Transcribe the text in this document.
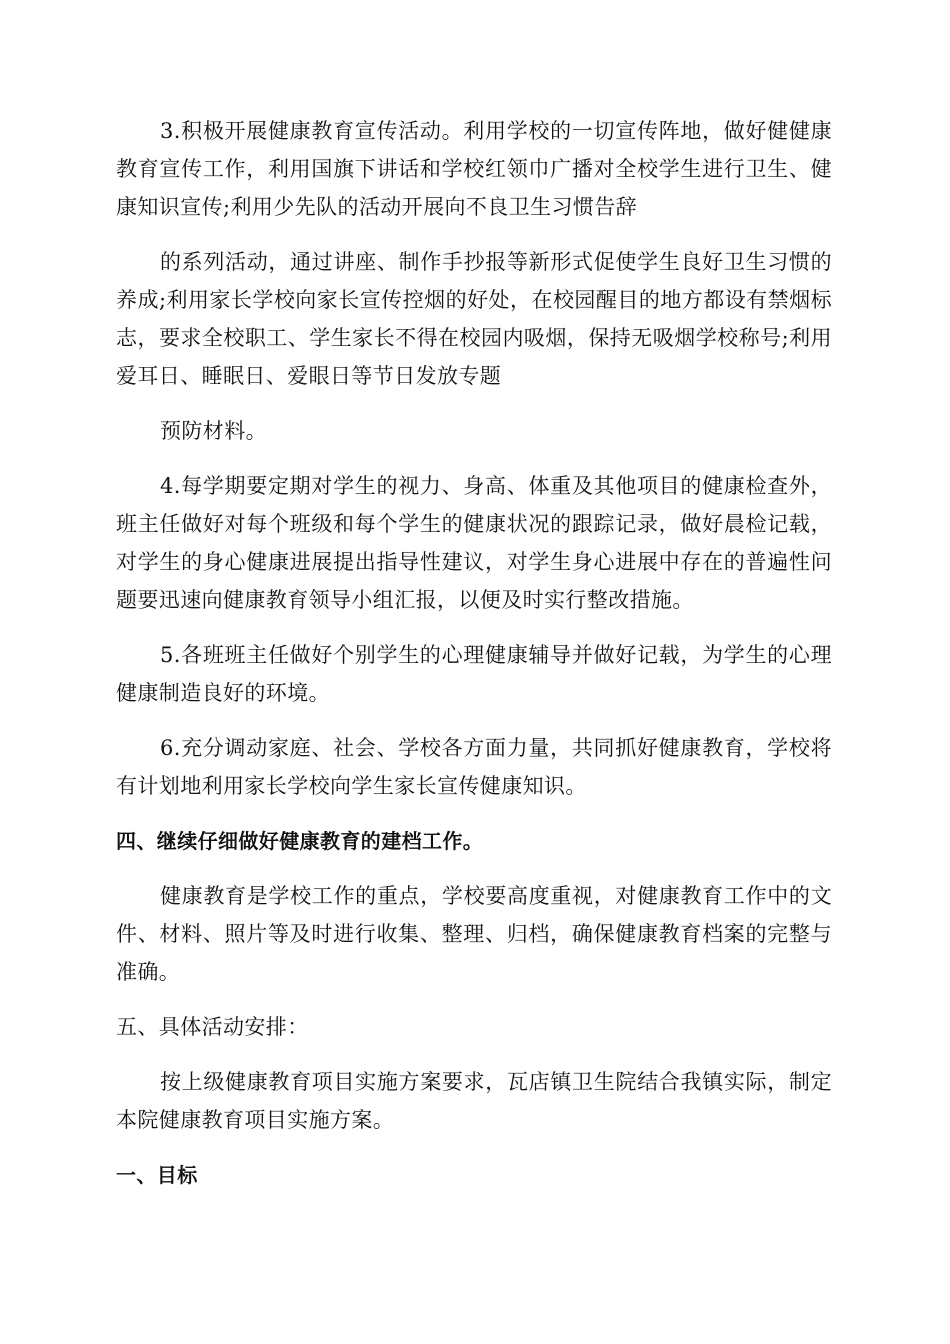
3.积极开展健康教育宣传活动。利用学校的一切宣传阵地，做好健健康教育宣传工作，利用国旗下讲话和学校红领巾广播对全校学生进行卫生、健康知识宣传;利用少先队的活动开展向不良卫生习惯告辞

的系列活动，通过讲座、制作手抄报等新形式促使学生良好卫生习惯的养成;利用家长学校向家长宣传控烟的好处，在校园醒目的地方都设有禁烟标志，要求全校职工、学生家长不得在校园内吸烟，保持无吸烟学校称号;利用爱耳日、睡眠日、爱眼日等节日发放专题

预防材料。

4.每学期要定期对学生的视力、身高、体重及其他项目的健康检查外，班主任做好对每个班级和每个学生的健康状况的跟踪记录，做好晨检记载，对学生的身心健康进展提出指导性建议，对学生身心进展中存在的普遍性问题要迅速向健康教育领导小组汇报，以便及时实行整改措施。

5.各班班主任做好个别学生的心理健康辅导并做好记载，为学生的心理健康制造良好的环境。

6.充分调动家庭、社会、学校各方面力量，共同抓好健康教育，学校将有计划地利用家长学校向学生家长宣传健康知识。

四、继续仔细做好健康教育的建档工作。

健康教育是学校工作的重点，学校要高度重视，对健康教育工作中的文件、材料、照片等及时进行收集、整理、归档，确保健康教育档案的完整与准确。

五、具体活动安排：

按上级健康教育项目实施方案要求，瓦店镇卫生院结合我镇实际，制定本院健康教育项目实施方案。

一、目标
